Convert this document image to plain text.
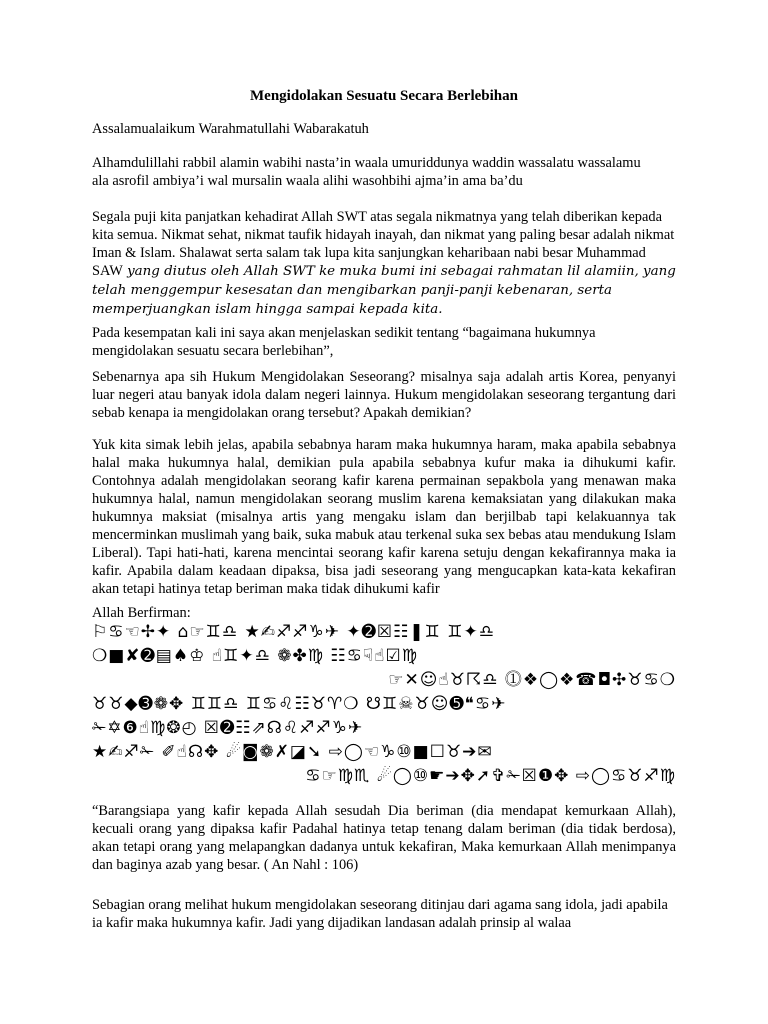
Mengidolakan Sesuatu Secara Berlebihan

Assalamualaikum Warahmatullahi Wabarakatuh

Alhamdulillahi rabbil alamin wabihi nasta’in waala umuriddunya waddin wassalatu wassalamu ala asrofil ambiya’i wal mursalin waala alihi wasohbihi ajma’in ama ba’du

Segala puji kita panjatkan kehadirat Allah SWT atas segala nikmatnya yang telah diberikan kepada kita semua. Nikmat sehat, nikmat taufik hidayah inayah, dan nikmat yang paling besar adalah nikmat Iman & Islam. Shalawat serta salam tak lupa kita sanjungkan keharibaan nabi besar Muhammad SAW yang diutus oleh Allah SWT ke muka bumi ini sebagai rahmatan lil alamiin, yang telah menggempur kesesatan dan mengibarkan panji-panji kebenaran, serta memperjuangkan islam hingga sampai kepada kita.

Pada kesempatan kali ini saya akan menjelaskan sedikit tentang “bagaimana hukumnya mengidolakan sesuatu secara berlebihan”,

Sebenarnya apa sih Hukum Mengidolakan Seseorang? misalnya saja adalah artis Korea, penyanyi luar negeri atau banyak idola dalam negeri lainnya. Hukum mengidolakan seseorang tergantung dari sebab kenapa ia mengidolakan orang tersebut? Apakah demikian?

Yuk kita simak lebih jelas, apabila sebabnya haram maka hukumnya haram, maka apabila sebabnya halal maka hukumnya halal, demikian pula apabila sebabnya kufur maka ia dihukumi kafir. Contohnya adalah mengidolakan seorang kafir karena permainan sepakbola yang menawan maka hukumnya halal, namun mengidolakan seorang muslim karena kemaksiatan yang dilakukan maka hukumnya maksiat (misalnya artis yang mengaku islam dan berjilbab tapi kelakuannya tak mencerminkan muslimah yang baik, suka mabuk atau terkenal suka sex bebas atau mendukung Islam Liberal). Tapi hati-hati, karena mencintai seorang kafir karena setuju dengan kekafirannya maka ia kafir. Apabila dalam keadaan dipaksa, bisa jadi seseorang yang mengucapkan kata-kata kekafiran akan tetapi hatinya tetap beriman maka tidak dihukumi kafir

Allah Berfirman:

⚐♋☜✢✦ ⌂☞♊♎ ★✍♐♐♑✈ ✦➋☒☷❚♊ ♊✦♎
❍■✘➋▤♠♔ ☝♊✦♎ ❁✤♍ ☷♋☟☝☑♍
☞✕☺☝♉☈♎ ⓵❖◯❖☎◘✣♉♋❍
♉♉◆➌❁✥ ♊♊♎ ♊♋♌☷♉♈❍ ☋♊☠♉☺➎❝♋✈
✁✡❻☝♍❂◴ ☒➋☷⇗☊♌♐♐♑✈
★✍♐✁ ✐☝☊✥ ☄◙❁✗◪➘ ⇨◯☜♑⑩■☐♉➔✉
♋☞♍♏ ☄◯⑩☛➔✥➚✞✁☒❶✥ ⇨◯♋♉♐♍

“Barangsiapa yang kafir kepada Allah sesudah Dia beriman (dia mendapat kemurkaan Allah), kecuali orang yang dipaksa kafir Padahal hatinya tetap tenang dalam beriman (dia tidak berdosa), akan tetapi orang yang melapangkan dadanya untuk kekafiran, Maka kemurkaan Allah menimpanya dan baginya azab yang besar. ( An Nahl : 106)

Sebagian orang melihat hukum mengidolakan seseorang ditinjau dari agama sang idola, jadi apabila ia kafir maka hukumnya kafir. Jadi yang dijadikan landasan adalah prinsip al walaa
